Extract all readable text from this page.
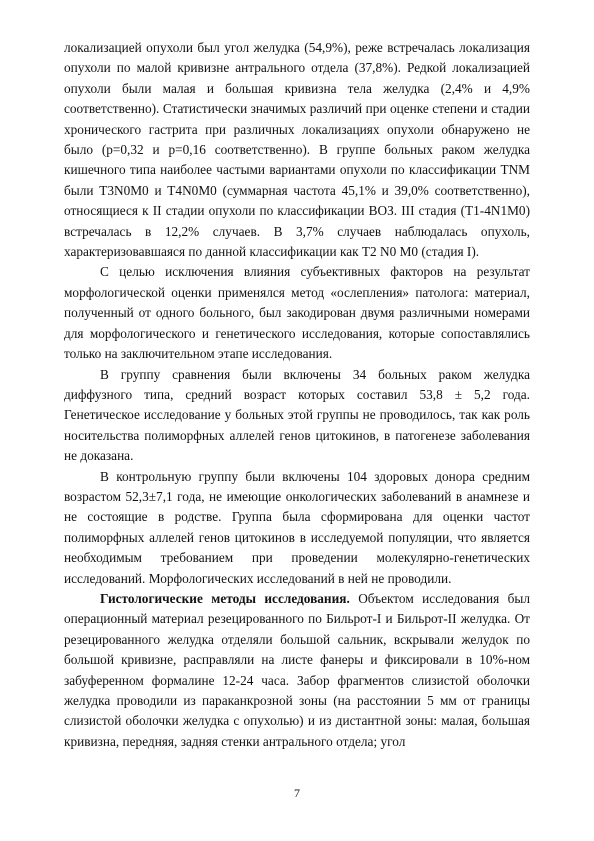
локализацией опухоли был угол желудка (54,9%), реже встречалась локализация опухоли по малой кривизне антрального отдела (37,8%). Редкой локализацией опухоли были малая и большая кривизна тела желудка (2,4% и 4,9% соответственно). Статистически значимых различий при оценке степени и стадии хронического гастрита при различных локализациях опухоли обнаружено не было (p=0,32 и p=0,16 соответственно). В группе больных раком желудка кишечного типа наиболее частыми вариантами опухоли по классификации TNM были T3N0M0 и T4N0M0 (суммарная частота 45,1% и 39,0% соответственно), относящиеся к II стадии опухоли по классификации ВОЗ. III стадия (T1-4N1M0) встречалась в 12,2% случаев. В 3,7% случаев наблюдалась опухоль, характеризовавшаяся по данной классификации как T2 N0 M0 (стадия I).

С целью исключения влияния субъективных факторов на результат морфологической оценки применялся метод «ослепления» патолога: материал, полученный от одного больного, был закодирован двумя различными номерами для морфологического и генетического исследования, которые сопоставлялись только на заключительном этапе исследования.

В группу сравнения были включены 34 больных раком желудка диффузного типа, средний возраст которых составил 53,8 ± 5,2 года. Генетическое исследование у больных этой группы не проводилось, так как роль носительства полиморфных аллелей генов цитокинов, в патогенезе заболевания не доказана.

В контрольную группу были включены 104 здоровых донора средним возрастом 52,3±7,1 года, не имеющие онкологических заболеваний в анамнезе и не состоящие в родстве. Группа была сформирована для оценки частот полиморфных аллелей генов цитокинов в исследуемой популяции, что является необходимым требованием при проведении молекулярно-генетических исследований. Морфологических исследований в ней не проводили.

Гистологические методы исследования. Объектом исследования был операционный материал резецированного по Бильрот-I и Бильрот-II желудка. От резецированного желудка отделяли большой сальник, вскрывали желудок по большой кривизне, расправляли на листе фанеры и фиксировали в 10%-ном забуференном формалине 12-24 часа. Забор фрагментов слизистой оболочки желудка проводили из параканкрозной зоны (на расстоянии 5 мм от границы слизистой оболочки желудка с опухолью) и из дистантной зоны: малая, большая кривизна, передняя, задняя стенки антрального отдела; угол

7
